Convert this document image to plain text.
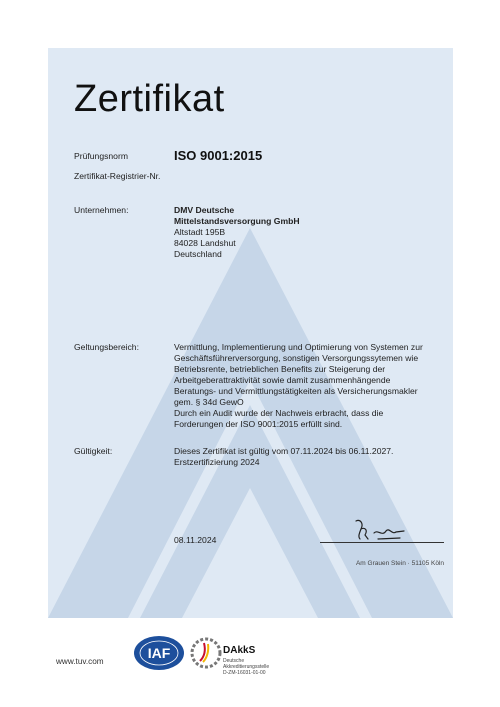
Zertifikat
Prüfungsnorm	ISO 9001:2015
Zertifikat-Registrier-Nr.
Unternehmen:	DMV Deutsche
Mittelstandsversorgung GmbH
Altstadt 195B
84028 Landshut
Deutschland
Geltungsbereich:	Vermittlung, Implementierung und Optimierung von Systemen zur
Geschäftsführerversorgung, sonstigen Versorgungssytemen wie
Betriebsrente, betrieblichen Benefits zur Steigerung der
Arbeitgeberattraktivität sowie damit zusammenhängende
Beratungs- und Vermittlungstätigkeiten als Versicherungsmakler
gem. § 34d GewO
Durch ein Audit wurde der Nachweis erbracht, dass die
Forderungen der ISO 9001:2015 erfüllt sind.
Gültigkeit:	Dieses Zertifikat ist gültig vom 07.11.2024 bis 06.11.2027.
Erstzertifizierung 2024
08.11.2024
Am Grauen Stein · 51105 Köln
www.tuv.com
IAF	DAkkS
Deutsche
Akkreditierungsstelle
D-ZM-16031-01-00
